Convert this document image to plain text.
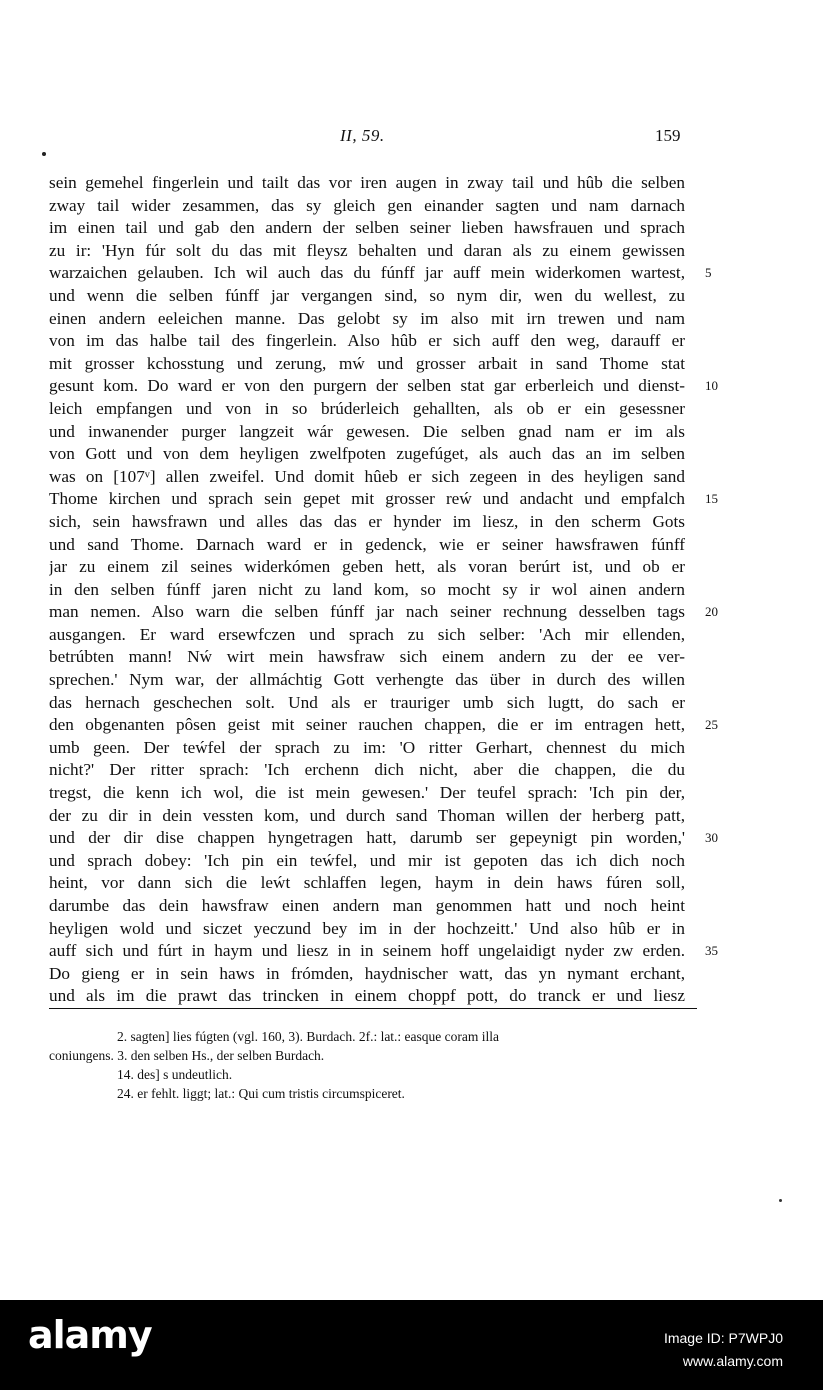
II, 59.	159
sein gemehel fingerlein und tailt das vor iren augen in zway tail und hûb die selben
zway tail wider zesammen, das sy gleich gen einander sagten und nam darnach
im einen tail und gab den andern der selben seiner lieben hawsfrauen und sprach
zu ir: 'Hyn fúr solt du das mit fleysz behalten und daran als zu einem gewissen
warzaichen gelauben. Ich wil auch das du fúnff jar auff mein widerkomen wartest, 5
und wenn die selben fúnff jar vergangen sind, so nym dir, wen du wellest, zu
einen andern eeleichen manne. Das gelobt sy im also mit irn trewen und nam
von im das halbe tail des fingerlein. Also hûb er sich auff den weg, darauff er
mit grosser kchosstung und zerung, mẃ und grosser arbait in sand Thome stat
gesunt kom. Do ward er von den purgern der selben stat gar erberleich und dienst- 10
leich empfangen und von in so brúderleich gehallten, als ob er ein gesessner
und inwanender purger langzeit wár gewesen. Die selben gnad nam er im als
von Gott und von dem heyligen zwelfpoten zugefúget, als auch das an im selben
was on [107ᵛ] allen zweifel. Und domit hûeb er sich zegeen in des heyligen sand
Thome kirchen und sprach sein gepet mit grosser reẃ und andacht und empfalch 15
sich, sein hawsfrawn und alles das das er hynder im liesz, in den scherm Gots
und sand Thome. Darnach ward er in gedenck, wie er seiner hawsfrawen fúnff
jar zu einem zil seines widerkómen geben hett, als voran berúrt ist, und ob er
in den selben fúnff jaren nicht zu land kom, so mocht sy ir wol ainen andern
man nemen. Also warn die selben fúnff jar nach seiner rechnung desselben tags 20
ausgangen. Er ward ersewfczen und sprach zu sich selber: 'Ach mir ellenden,
betrúbten mann! Nẃ wirt mein hawsfraw sich einem andern zu der ee ver-
sprechen.' Nym war, der allmáchtig Gott verhengte das über in durch des willen
das hernach geschechen solt. Und als er trauriger umb sich lugtt, do sach er
den obgenanten pôsen geist mit seiner rauchen chappen, die er im entragen hett, 25
umb geen. Der teẃfel der sprach zu im: 'O ritter Gerhart, chennest du mich
nicht?' Der ritter sprach: 'Ich erchenn dich nicht, aber die chappen, die du
tregst, die kenn ich wol, die ist mein gewesen.' Der teufel sprach: 'Ich pin der,
der zu dir in dein vessten kom, und durch sand Thoman willen der herberg patt,
und der dir dise chappen hyngetragen hatt, darumb ser gepeynigt pin worden,' 30
und sprach dobey: 'Ich pin ein teẃfel, und mir ist gepoten das ich dich noch
heint, vor dann sich die leẃt schlaffen legen, haym in dein haws fúren soll,
darumbe das dein hawsfraw einen andern man genommen hatt und noch heint
heyligen wold und siczet yeczund bey im in der hochzeitt.' Und also hûb er in
auff sich und fúrt in haym und liesz in in seinem hoff ungelaidigt nyder zw erden. 35
Do gieng er in sein haws in frómden, haydnischer watt, das yn nymant erchant,
und als im die prawt das trincken in einem choppf pott, do tranck er und liesz
2. sagten] lies fúgten (vgl. 160, 3). Burdach. 2f.: lat.: easque coram illa
coniungens. 3. den selben Hs., der selben Burdach.
14. des] s undeutlich.
24. er fehlt. liggt; lat.: Qui cum tristis circumspiceret.
alamy	Image ID: P7WPJ0
www.alamy.com
